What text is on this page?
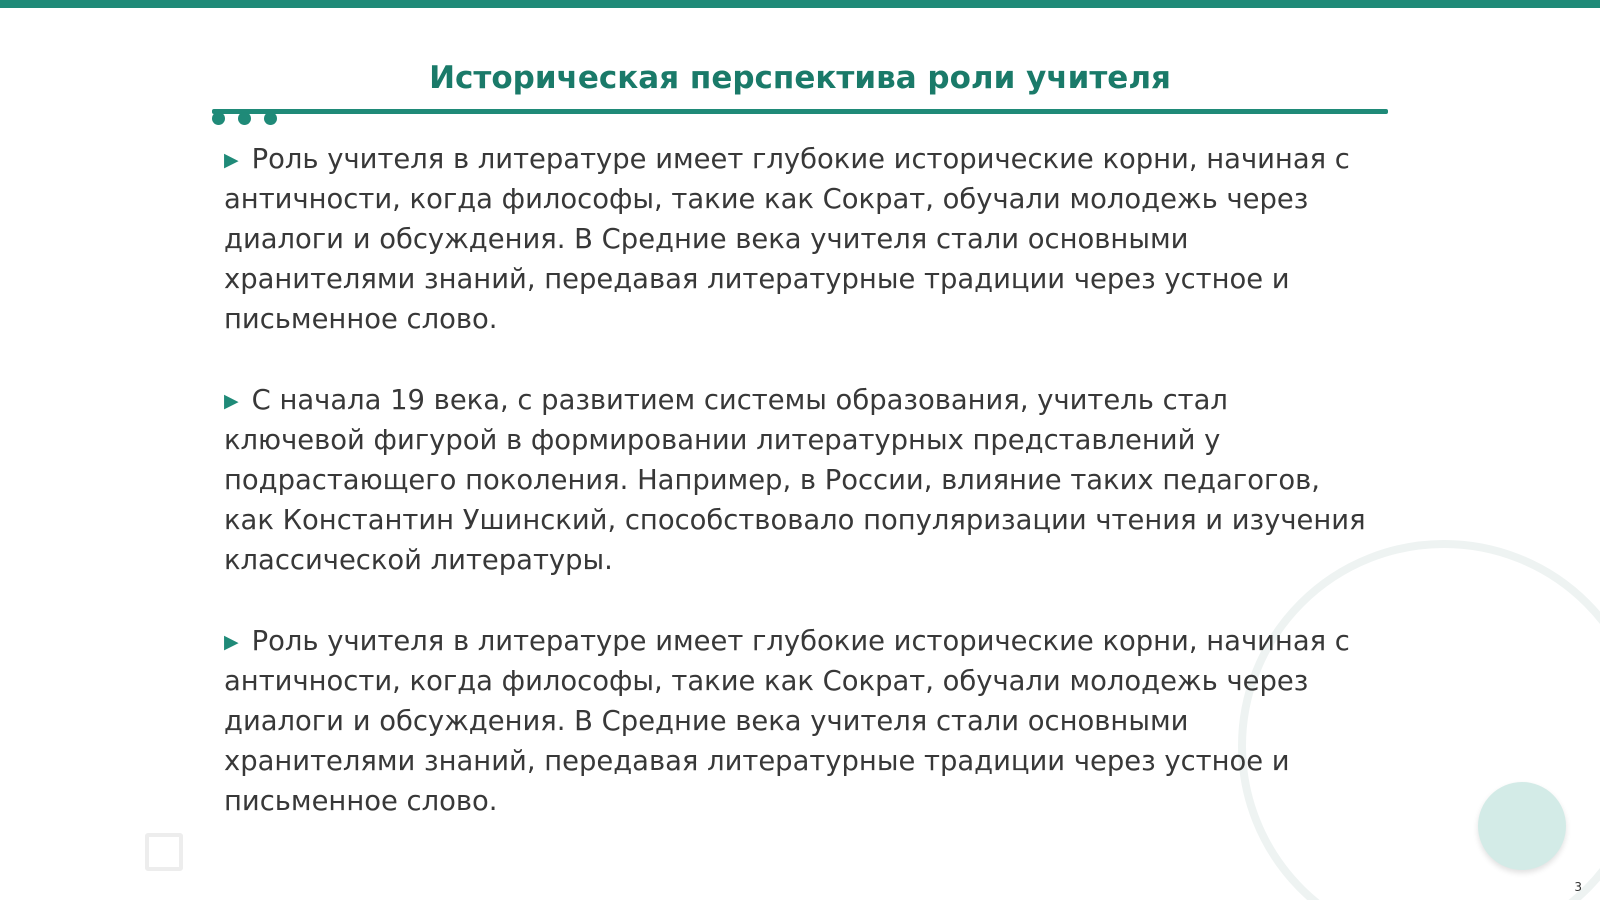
Историческая перспектива роли учителя

▶ Роль учителя в литературе имеет глубокие исторические корни, начиная с античности, когда философы, такие как Сократ, обучали молодежь через диалоги и обсуждения. В Средние века учителя стали основными хранителями знаний, передавая литературные традиции через устное и письменное слово.

▶ С начала 19 века, с развитием системы образования, учитель стал ключевой фигурой в формировании литературных представлений у подрастающего поколения. Например, в России, влияние таких педагогов, как Константин Ушинский, способствовало популяризации чтения и изучения классической литературы.

▶ Роль учителя в литературе имеет глубокие исторические корни, начиная с античности, когда философы, такие как Сократ, обучали молодежь через диалоги и обсуждения. В Средние века учителя стали основными хранителями знаний, передавая литературные традиции через устное и письменное слово.

3
